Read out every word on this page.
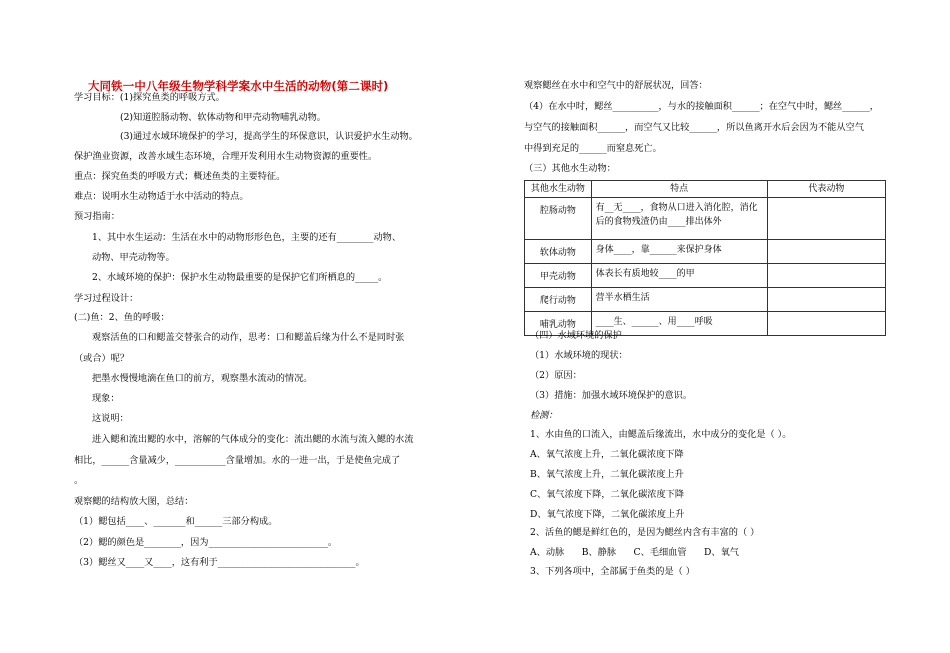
大同铁一中八年级生物学科学案水中生活的动物(第二课时)
学习目标：(1)探究鱼类的呼吸方式。
(2)知道腔肠动物、软体动物和甲壳动物哺乳动物。
(3)通过水域环境保护的学习，提高学生的环保意识，认识爱护水生动物。
保护渔业资源，改善水域生态环境，合理开发利用水生动物资源的重要性。
重点：探究鱼类的呼吸方式；概述鱼类的主要特征。
难点：说明水生动物适于水中活动的特点。
预习指南：
1、其中水生运动：生活在水中的动物形形色色，主要的还有________动物、
动物、甲壳动物等。
2、水域环境的保护：保护水生动物最重要的是保护它们所栖息的_____。
学习过程设计：
(二)鱼：2、鱼的呼吸：
观察活鱼的口和鳃盖交替张合的动作，思考：口和鳃盖后缘为什么不是同时张
（或合）呢？
把墨水慢慢地滴在鱼口的前方，观察墨水流动的情况。
现象：
这说明：
进入鳃和流出鳃的水中，溶解的气体成分的变化：流出鳃的水流与流入鳃的水流
相比，______含量减少，___________含量增加。水的一进一出，于是使鱼完成了
。
观察鳃的结构放大图，总结：
（1）鳃包括____、_______和______三部分构成。
（2）鳃的颜色是________，因为__________________________。
（3）鳃丝又____又____，这有利于______________________________。
观察鳃丝在水中和空气中的舒展状况，回答：
（4）在水中时，鳃丝__________，与水的接触面积______；在空气中时，鳃丝______，
与空气的接触面积______，而空气又比较______，所以鱼离开水后会因为不能从空气
中得到充足的______而窒息死亡。
（三）其他水生动物：
其他水生动物	特点	代表动物
腔肠动物	有__无____，食物从口进入消化腔，消化后的食物残渣仍由____排出体外	
软体动物	身体____，靠______来保护身体	
甲壳动物	体表长有质地较____的甲	
爬行动物	营半水栖生活	
哺乳动物	____生、______、用____呼吸	
（四）水域环境的保护
（1）水域环境的现状：
（2）原因：
（3）措施：加强水域环境保护的意识。
检测：
1、水由鱼的口流入，由鳃盖后缘流出，水中成分的变化是（ ）。
A、氧气浓度上升，二氧化碳浓度下降
B、氧气浓度上升，二氧化碳浓度上升
C、氧气浓度下降，二氧化碳浓度下降
D、氧气浓度下降，二氧化碳浓度上升
2、活鱼的鳃是鲜红色的，是因为鳃丝内含有丰富的（ ）
A、动脉      B、静脉      C、毛细血管      D、氧气
3、下列各项中，全部属于鱼类的是（ ）
